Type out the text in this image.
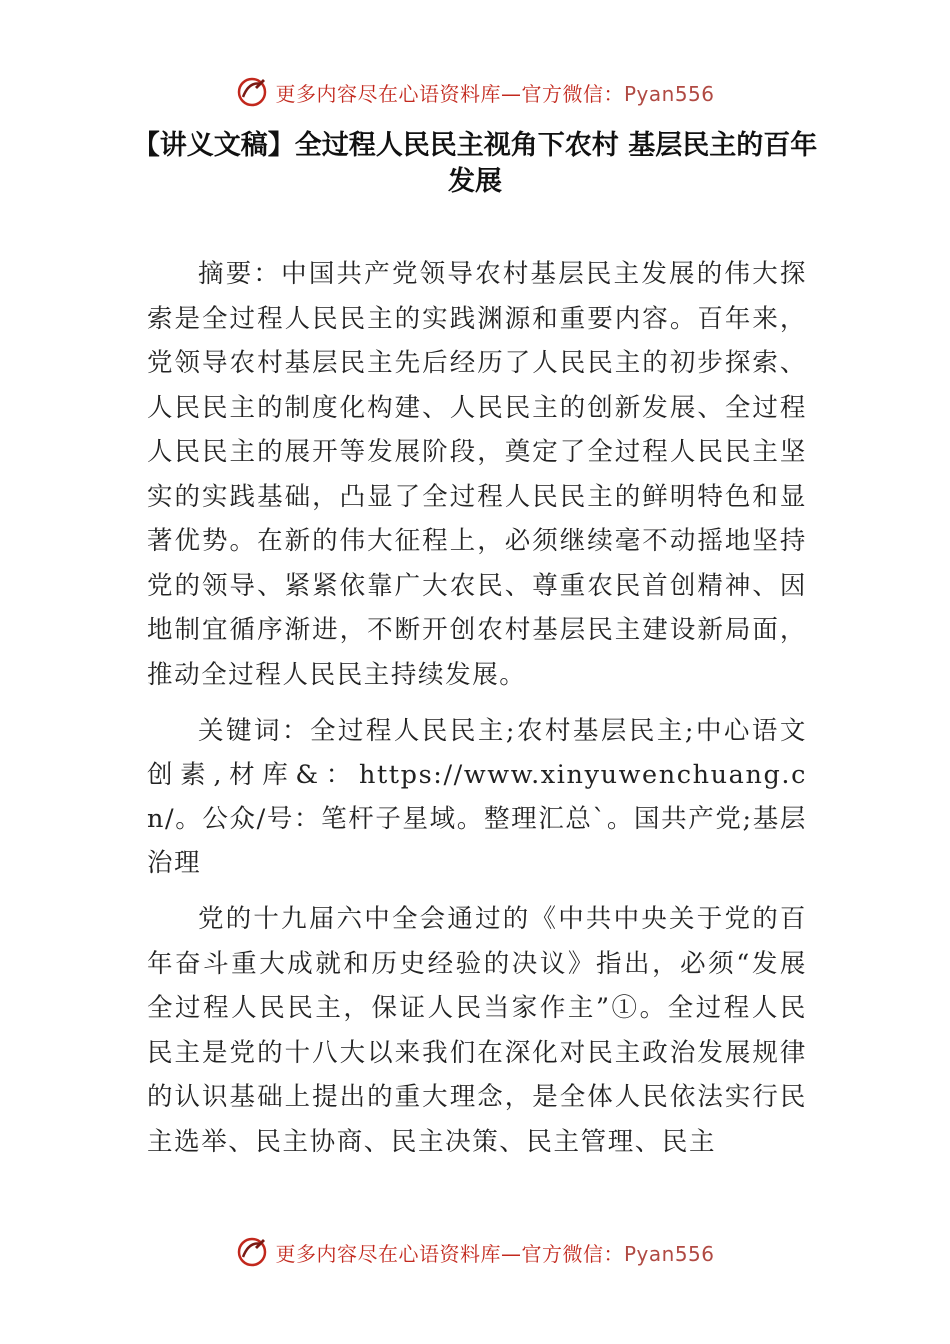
更多内容尽在心语资料库—官方微信：Pyan556
【讲义文稿】全过程人民民主视角下农村 基层民主的百年发展

摘要：中国共产党领导农村基层民主发展的伟大探索是全过程人民民主的实践渊源和重要内容。百年来，党领导农村基层民主先后经历了人民民主的初步探索、人民民主的制度化构建、人民民主的创新发展、全过程人民民主的展开等发展阶段，奠定了全过程人民民主坚实的实践基础，凸显了全过程人民民主的鲜明特色和显著优势。在新的伟大征程上，必须继续毫不动摇地坚持党的领导、紧紧依靠广大农民、尊重农民首创精神、因地制宜循序渐进，不断开创农村基层民主建设新局面，推动全过程人民民主持续发展。

关键词：全过程人民民主;农村基层民主;中心语文创素,材库&：https://www.xinyuwenchuang.cn/。公众/号：笔杆子星域。整理汇总`。国共产党;基层治理

党的十九届六中全会通过的《中共中央关于党的百年奋斗重大成就和历史经验的决议》指出，必须“发展全过程人民民主，保证人民当家作主”①。全过程人民民主是党的十八大以来我们在深化对民主政治发展规律的认识基础上提出的重大理念，是全体人民依法实行民主选举、民主协商、民主决策、民主管理、民主

更多内容尽在心语资料库—官方微信：Pyan556
